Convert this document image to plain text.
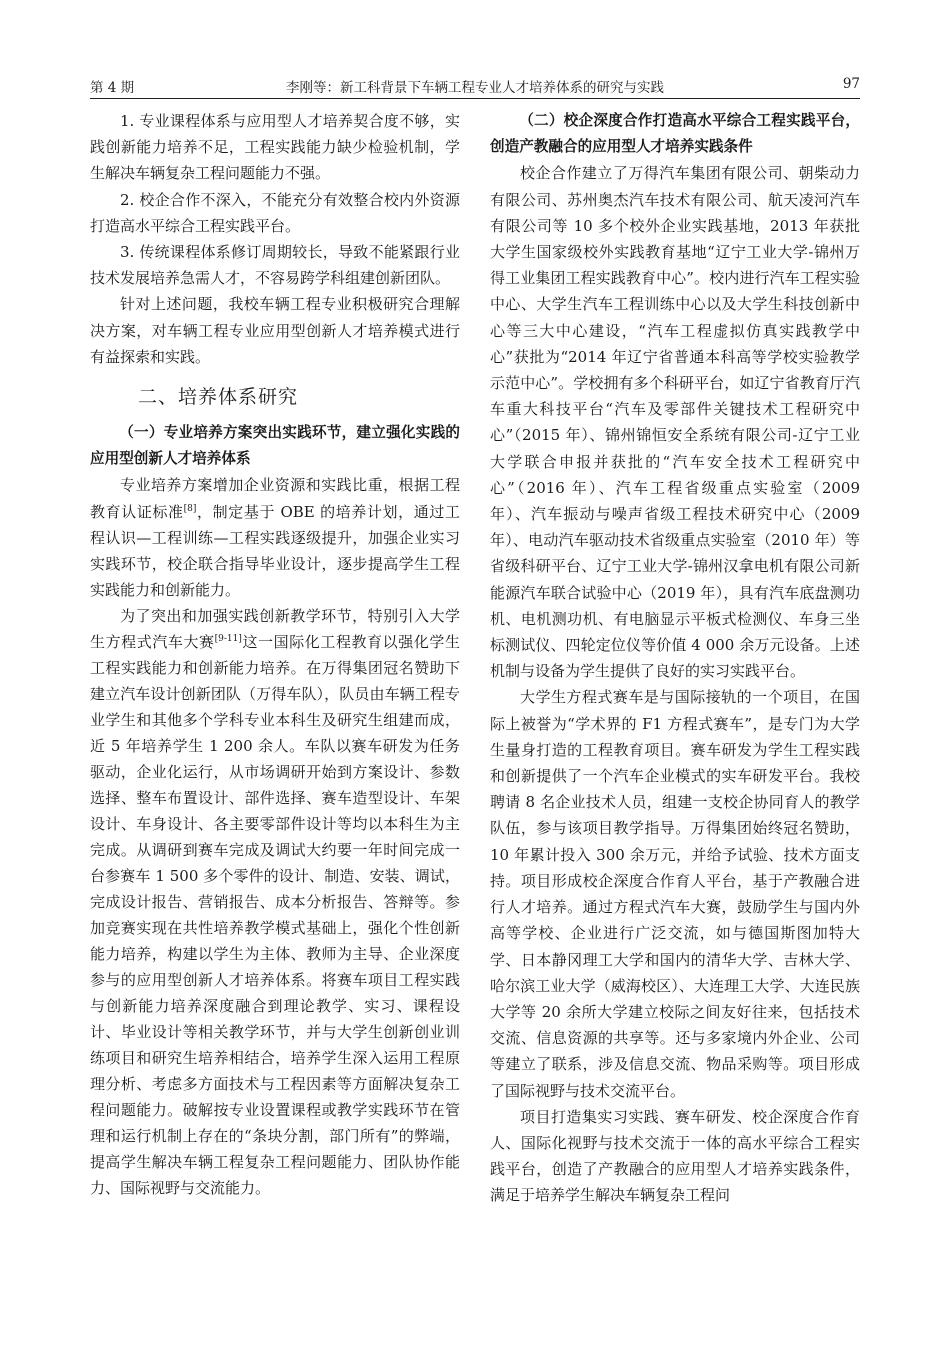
第 4 期	李刚等：新工科背景下车辆工程专业人才培养体系的研究与实践	97

1. 专业课程体系与应用型人才培养契合度不够，实践创新能力培养不足，工程实践能力缺少检验机制，学生解决车辆复杂工程问题能力不强。

2. 校企合作不深入，不能充分有效整合校内外资源打造高水平综合工程实践平台。

3. 传统课程体系修订周期较长，导致不能紧跟行业技术发展培养急需人才，不容易跨学科组建创新团队。

针对上述问题，我校车辆工程专业积极研究合理解决方案，对车辆工程专业应用型创新人才培养模式进行有益探索和实践。

二、培养体系研究
（一）专业培养方案突出实践环节，建立强化实践的应用型创新人才培养体系

专业培养方案增加企业资源和实践比重，根据工程教育认证标准[8]，制定基于 OBE 的培养计划，通过工程认识—工程训练—工程实践逐级提升，加强企业实习实践环节，校企联合指导毕业设计，逐步提高学生工程实践能力和创新能力。

为了突出和加强实践创新教学环节，特别引入大学生方程式汽车大赛[9-11]这一国际化工程教育以强化学生工程实践能力和创新能力培养。在万得集团冠名赞助下建立汽车设计创新团队（万得车队），队员由车辆工程专业学生和其他多个学科专业本科生及研究生组建而成，近 5 年培养学生 1 200 余人。车队以赛车研发为任务驱动，企业化运行，从市场调研开始到方案设计、参数选择、整车布置设计、部件选择、赛车造型设计、车架设计、车身设计、各主要零部件设计等均以本科生为主完成。从调研到赛车完成及调试大约要一年时间完成一台参赛车 1 500 多个零件的设计、制造、安装、调试，完成设计报告、营销报告、成本分析报告、答辩等。参加竞赛实现在共性培养教学模式基础上，强化个性创新能力培养，构建以学生为主体、教师为主导、企业深度参与的应用型创新人才培养体系。将赛车项目工程实践与创新能力培养深度融合到理论教学、实习、课程设计、毕业设计等相关教学环节，并与大学生创新创业训练项目和研究生培养相结合，培养学生深入运用工程原理分析、考虑多方面技术与工程因素等方面解决复杂工程问题能力。破解按专业设置课程或教学实践环节在管理和运行机制上存在的“条块分割，部门所有”的弊端，提高学生解决车辆工程复杂工程问题能力、团队协作能力、国际视野与交流能力。

（二）校企深度合作打造高水平综合工程实践平台，创造产教融合的应用型人才培养实践条件

校企合作建立了万得汽车集团有限公司、朝柴动力有限公司、苏州奥杰汽车技术有限公司、航天凌河汽车有限公司等 10 多个校外企业实践基地，2013 年获批大学生国家级校外实践教育基地“辽宁工业大学-锦州万得工业集团工程实践教育中心”。校内进行汽车工程实验中心、大学生汽车工程训练中心以及大学生科技创新中心等三大中心建设，“汽车工程虚拟仿真实践教学中心”获批为“2014 年辽宁省普通本科高等学校实验教学示范中心”。学校拥有多个科研平台，如辽宁省教育厅汽车重大科技平台“汽车及零部件关键技术工程研究中心”（2015 年）、锦州锦恒安全系统有限公司-辽宁工业大学联合申报并获批的“汽车安全技术工程研究中心”（2016 年）、汽车工程省级重点实验室（2009 年）、汽车振动与噪声省级工程技术研究中心（2009 年）、电动汽车驱动技术省级重点实验室（2010 年）等省级科研平台、辽宁工业大学-锦州汉拿电机有限公司新能源汽车联合试验中心（2019 年），具有汽车底盘测功机、电机测功机、有电脑显示平板式检测仪、车身三坐标测试仪、四轮定位仪等价值 4 000 余万元设备。上述机制与设备为学生提供了良好的实习实践平台。

大学生方程式赛车是与国际接轨的一个项目，在国际上被誉为“学术界的 F1 方程式赛车”，是专门为大学生量身打造的工程教育项目。赛车研发为学生工程实践和创新提供了一个汽车企业模式的实车研发平台。我校聘请 8 名企业技术人员，组建一支校企协同育人的教学队伍，参与该项目教学指导。万得集团始终冠名赞助，10 年累计投入 300 余万元，并给予试验、技术方面支持。项目形成校企深度合作育人平台，基于产教融合进行人才培养。通过方程式汽车大赛，鼓励学生与国内外高等学校、企业进行广泛交流，如与德国斯图加特大学、日本静冈理工大学和国内的清华大学、吉林大学、哈尔滨工业大学（威海校区）、大连理工大学、大连民族大学等 20 余所大学建立校际之间友好往来，包括技术交流、信息资源的共享等。还与多家境内外企业、公司等建立了联系，涉及信息交流、物品采购等。项目形成了国际视野与技术交流平台。

项目打造集实习实践、赛车研发、校企深度合作育人、国际化视野与技术交流于一体的高水平综合工程实践平台，创造了产教融合的应用型人才培养实践条件，满足于培养学生解决车辆复杂工程问
